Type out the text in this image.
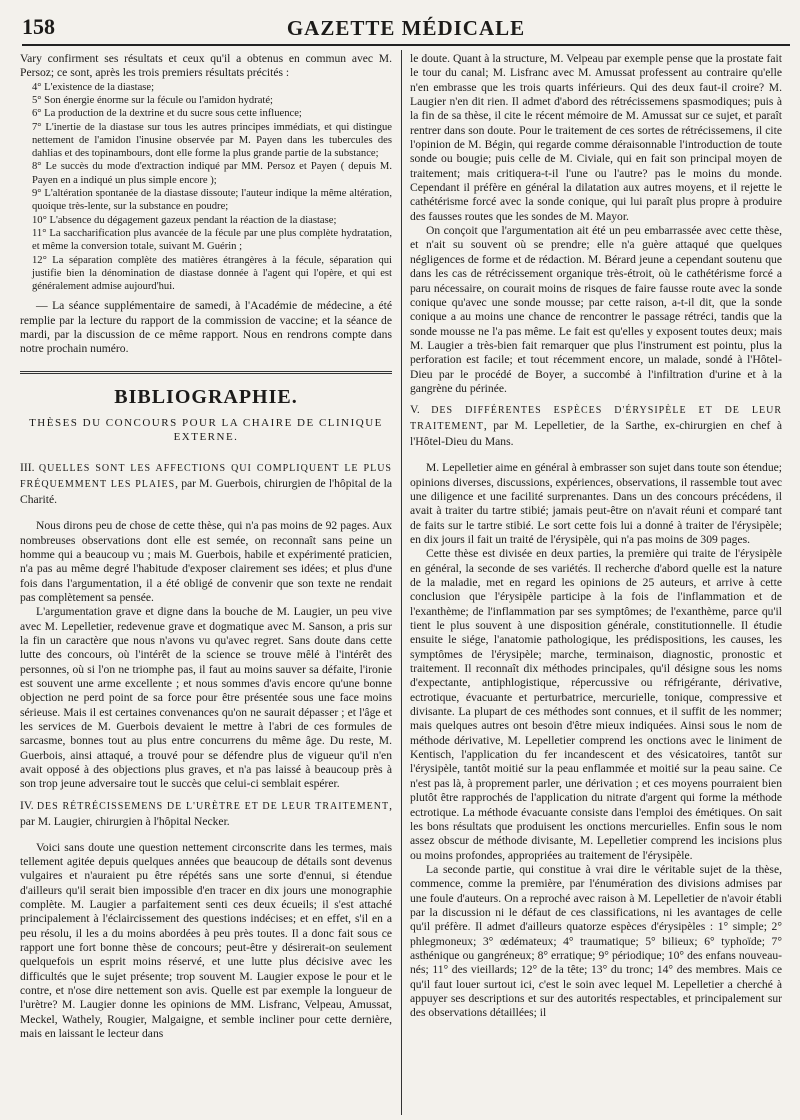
158	GAZETTE MÉDICALE

Vary confirment ses résultats et ceux qu'il a obtenus en commun avec M. Persoz; ce sont, après les trois premiers résultats précités :

4° L'existence de la diastase;

5° Son énergie énorme sur la fécule ou l'amidon hydraté;

6° La production de la dextrine et du sucre sous cette influence;

7° L'inertie de la diastase sur tous les autres principes immédiats, et qui distingue nettement de l'amidon l'inusine observée par M. Payen dans les tubercules des dahlias et des topinambours, dont elle forme la plus grande partie de la substance;

8° Le succès du mode d'extraction indiqué par MM. Persoz et Payen ( depuis M. Payen en a indiqué un plus simple encore );

9° L'altération spontanée de la diastase dissoute; l'auteur indique la même altération, quoique très-lente, sur la substance en poudre;

10° L'absence du dégagement gazeux pendant la réaction de la diastase;

11° La saccharification plus avancée de la fécule par une plus complète hydratation, et même la conversion totale, suivant M. Guérin ;

12° La séparation complète des matières étrangères à la fécule, séparation qui justifie bien la dénomination de diastase donnée à l'agent qui l'opère, et qui est généralement admise aujourd'hui.

— La séance supplémentaire de samedi, à l'Académie de médecine, a été remplie par la lecture du rapport de la commission de vaccine; et la séance de mardi, par la discussion de ce même rapport. Nous en rendrons compte dans notre prochain numéro.

BIBLIOGRAPHIE.
THÈSES DU CONCOURS POUR LA CHAIRE DE CLINIQUE EXTERNE.

III. QUELLES SONT LES AFFECTIONS QUI COMPLIQUENT LE PLUS FRÉQUEMMENT LES PLAIES, par M. Guerbois, chirurgien de l'hôpital de la Charité.

Nous dirons peu de chose de cette thèse, qui n'a pas moins de 92 pages. Aux nombreuses observations dont elle est semée, on reconnaît sans peine un homme qui a beaucoup vu ; mais M. Guerbois, habile et expérimenté praticien, n'a pas au même degré l'habitude d'exposer clairement ses idées; et plus d'une fois dans l'argumentation, il a été obligé de convenir que son texte ne rendait pas complètement sa pensée.

L'argumentation grave et digne dans la bouche de M. Laugier, un peu vive avec M. Lepelletier, redevenue grave et dogmatique avec M. Sanson, a pris sur la fin un caractère que nous n'avons vu qu'avec regret. Sans doute dans cette lutte des concours, où l'intérêt de la science se trouve mêlé à l'intérêt des personnes, où si l'on ne triomphe pas, il faut au moins sauver sa défaite, l'ironie est souvent une arme excellente ; et nous sommes d'avis encore qu'une bonne objection ne perd point de sa force pour être présentée sous une face moins sérieuse. Mais il est certaines convenances qu'on ne saurait dépasser ; et l'âge et les services de M. Guerbois devaient le mettre à l'abri de ces formules de sarcasme, bonnes tout au plus entre concurrens du même âge. Du reste, M. Guerbois, ainsi attaqué, a trouvé pour se défendre plus de vigueur qu'il n'en avait opposé à des objections plus graves, et n'a pas laissé à beaucoup près à son trop jeune adversaire tout le succès que celui-ci semblait espérer.

IV. DES RÉTRÉCISSEMENS DE L'URÈTRE ET DE LEUR TRAITEMENT, par M. Laugier, chirurgien à l'hôpital Necker.

Voici sans doute une question nettement circonscrite dans les termes, mais tellement agitée depuis quelques années que beaucoup de détails sont devenus vulgaires et n'auraient pu être répétés sans une sorte d'ennui, si étendue d'ailleurs qu'il serait bien impossible d'en tracer en dix jours une monographie complète. M. Laugier a parfaitement senti ces deux écueils; il s'est attaché principalement à l'éclaircissement des questions indécises; et en effet, s'il en a peu résolu, il les a du moins abordées à peu près toutes. Il a donc fait sous ce rapport une fort bonne thèse de concours; peut-être y désirerait-on seulement quelquefois un esprit moins réservé, et une lutte plus décisive avec les difficultés que le sujet présente; trop souvent M. Laugier expose le pour et le contre, et n'ose dire nettement son avis. Quelle est par exemple la longueur de l'urètre? M. Laugier donne les opinions de MM. Lisfranc, Velpeau, Amussat, Meckel, Wathely, Rougier, Malgaigne, et semble incliner pour cette dernière, mais en laissant le lecteur dans

le doute. Quant à la structure, M. Velpeau par exemple pense que la prostate fait le tour du canal; M. Lisfranc avec M. Amussat professent au contraire qu'elle n'en embrasse que les trois quarts inférieurs. Qui des deux faut-il croire? M. Laugier n'en dit rien. Il admet d'abord des rétrécissemens spasmodiques; puis à la fin de sa thèse, il cite le récent mémoire de M. Amussat sur ce sujet, et paraît rentrer dans son doute. Pour le traitement de ces sortes de rétrécissemens, il cite l'opinion de M. Bégin, qui regarde comme déraisonnable l'introduction de toute sonde ou bougie; puis celle de M. Civiale, qui en fait son principal moyen de traitement; mais critiquera-t-il l'une ou l'autre? pas le moins du monde. Cependant il préfère en général la dilatation aux autres moyens, et il rejette le cathétérisme forcé avec la sonde conique, qui lui paraît plus propre à produire des fausses routes que les sondes de M. Mayor.

On conçoit que l'argumentation ait été un peu embarrassée avec cette thèse, et n'ait su souvent où se prendre; elle n'a guère attaqué que quelques négligences de forme et de rédaction. M. Bérard jeune a cependant soutenu que dans les cas de rétrécissement organique très-étroit, où le cathétérisme forcé a paru nécessaire, on courait moins de risques de faire fausse route avec la sonde conique qu'avec une sonde mousse; par cette raison, a-t-il dit, que la sonde conique a au moins une chance de rencontrer le passage rétréci, tandis que la sonde mousse ne l'a pas même. Le fait est qu'elles y exposent toutes deux; mais M. Laugier a très-bien fait remarquer que plus l'instrument est pointu, plus la perforation est facile; et tout récemment encore, un malade, sondé à l'Hôtel-Dieu par le procédé de Boyer, a succombé à l'infiltration d'urine et à la gangrène du périnée.

V. DES DIFFÉRENTES ESPÈCES D'ÉRYSIPÈLE ET DE LEUR TRAITEMENT, par M. Lepelletier, de la Sarthe, ex-chirurgien en chef à l'Hôtel-Dieu du Mans.

M. Lepelletier aime en général à embrasser son sujet dans toute son étendue; opinions diverses, discussions, expériences, observations, il rassemble tout avec une diligence et une facilité surprenantes. Dans un des concours précédens, il avait à traiter du tartre stibié; jamais peut-être on n'avait réuni et comparé tant de faits sur le tartre stibié. Le sort cette fois lui a donné à traiter de l'érysipèle; en dix jours il fait un traité de l'érysipèle, qui n'a pas moins de 309 pages.

Cette thèse est divisée en deux parties, la première qui traite de l'érysipèle en général, la seconde de ses variétés. Il recherche d'abord quelle est la nature de la maladie, met en regard les opinions de 25 auteurs, et arrive à cette conclusion que l'érysipèle participe à la fois de l'inflammation et de l'exanthème; de l'inflammation par ses symptômes; de l'exanthème, parce qu'il tient le plus souvent à une disposition générale, constitutionnelle. Il étudie ensuite le siége, l'anatomie pathologique, les prédispositions, les causes, les symptômes de l'érysipèle; marche, terminaison, diagnostic, pronostic et traitement. Il reconnaît dix méthodes principales, qu'il désigne sous les noms d'expectante, antiphlogistique, répercussive ou réfrigérante, dérivative, ectrotique, évacuante et perturbatrice, mercurielle, tonique, compressive et divisante. La plupart de ces méthodes sont connues, et il suffit de les nommer; mais quelques autres ont besoin d'être mieux indiquées. Ainsi sous le nom de méthode dérivative, M. Lepelletier comprend les onctions avec le liniment de Kentisch, l'application du fer incandescent et des vésicatoires, tantôt sur l'érysipèle, tantôt moitié sur la peau enflammée et moitié sur la peau saine. Ce n'est pas là, à proprement parler, une dérivation ; et ces moyens pourraient bien plutôt être rapprochés de l'application du nitrate d'argent qui forme la méthode ectrotique. La méthode évacuante consiste dans l'emploi des émétiques. On sait les bons résultats que produisent les onctions mercurielles. Enfin sous le nom assez obscur de méthode divisante, M. Lepelletier comprend les incisions plus ou moins profondes, appropriées au traitement de l'érysipèle.

La seconde partie, qui constitue à vrai dire le véritable sujet de la thèse, commence, comme la première, par l'énumération des divisions admises par une foule d'auteurs. On a reproché avec raison à M. Lepelletier de n'avoir établi par la discussion ni le défaut de ces classifications, ni les avantages de celle qu'il préfère. Il admet d'ailleurs quatorze espèces d'érysipèles : 1° simple; 2° phlegmoneux; 3° œdémateux; 4° traumatique; 5° bilieux; 6° typhoïde; 7° asthénique ou gangréneux; 8° erratique; 9° périodique; 10° des enfans nouveau-nés; 11° des vieillards; 12° de la tête; 13° du tronc; 14° des membres. Mais ce qu'il faut louer surtout ici, c'est le soin avec lequel M. Lepelletier a cherché à appuyer ses descriptions et sur des autorités respectables, et principalement sur des observations détaillées; il
